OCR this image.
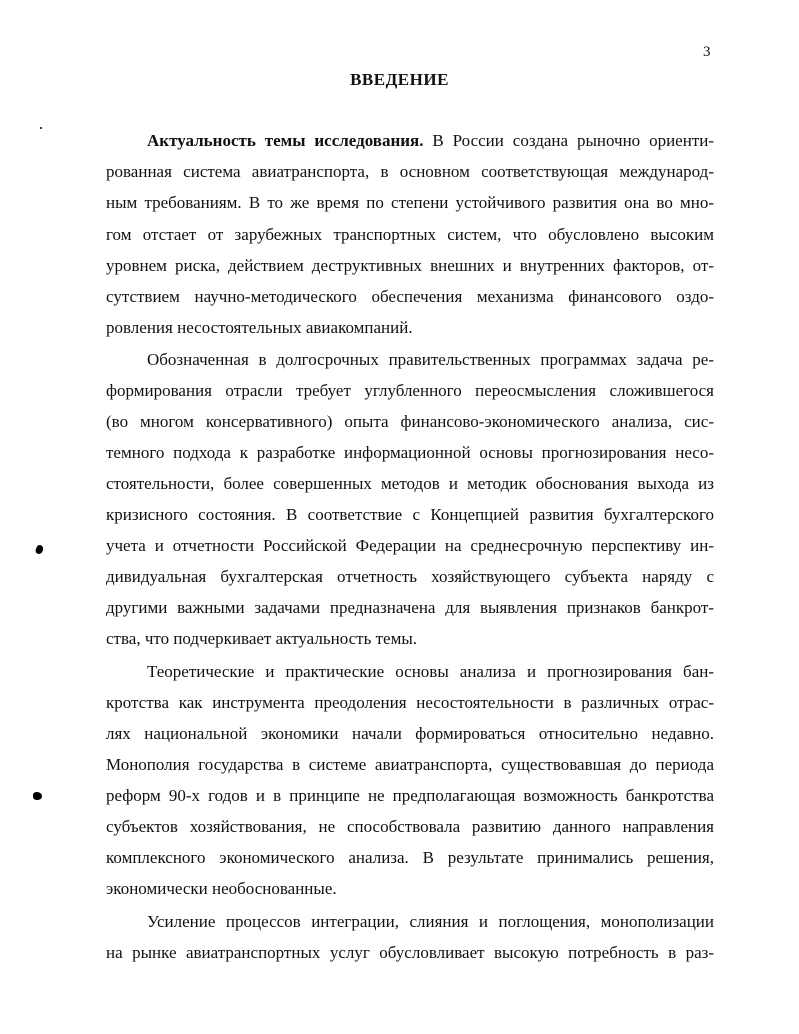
3
ВВЕДЕНИЕ
Актуальность темы исследования. В России создана рыночно ориенти-
рованная система авиатранспорта, в основном соответствующая международ-
ным требованиям. В то же время по степени устойчивого развития она во мно-
гом отстает от зарубежных транспортных систем, что обусловлено высоким
уровнем риска, действием деструктивных внешних и внутренних факторов, от-
сутствием научно-методического обеспечения механизма финансового оздо-
ровления несостоятельных авиакомпаний.
Обозначенная в долгосрочных правительственных программах задача ре-
формирования отрасли требует углубленного переосмысления сложившегося
(во многом консервативного) опыта финансово-экономического анализа, сис-
темного подхода к разработке информационной основы прогнозирования несо-
стоятельности, более совершенных методов и методик обоснования выхода из
кризисного состояния. В соответствие с Концепцией развития бухгалтерского
учета и отчетности Российской Федерации на среднесрочную перспективу ин-
дивидуальная бухгалтерская отчетность хозяйствующего субъекта наряду с
другими важными задачами предназначена для выявления признаков банкрот-
ства, что подчеркивает актуальность темы.
Теоретические и практические основы анализа и прогнозирования бан-
кротства как инструмента преодоления несостоятельности в различных отрас-
лях национальной экономики начали формироваться относительно недавно.
Монополия государства в системе авиатранспорта, существовавшая до периода
реформ 90-х годов и в принципе не предполагающая возможность банкротства
субъектов хозяйствования, не способствовала развитию данного направления
комплексного экономического анализа. В результате принимались решения,
экономически необоснованные.
Усиление процессов интеграции, слияния и поглощения, монополизации
на рынке авиатранспортных услуг обусловливает высокую потребность в раз-
